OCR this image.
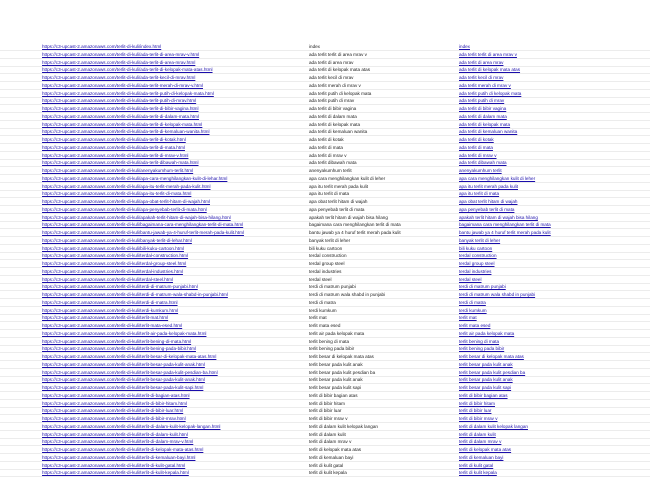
https://c3-upcast-2.amazonaws.com/terlit-di-kuli/index.html	index	index
https://c3-upcast-2.amazonaws.com/terlit-di-kuli/ada-terlit-di-area-mrav-v.html	ada terlit terlit di area mrav v	ada terlit terlit di area mrav v
https://c3-upcast-2.amazonaws.com/terlit-di-kuli/ada-terlit-di-area-mrav.html	ada terlit di area mrav	ada terlit di area mrav
https://c3-upcast-2.amazonaws.com/terlit-di-kuli/ada-terlit-di-kelopak-mata-atas.html	ada terlit di kelopak mata atas	ada terlit di kelopak mata atas
https://c3-upcast-2.amazonaws.com/terlit-di-kuli/ada-terlit-kecil-di-mrav.html	ada terlit kecil di mrav	ada terlit kecil di mrav
https://c3-upcast-2.amazonaws.com/terlit-di-kuli/ada-terlit-merah-di-mrav-v.html	ada terlit merah di mrav v	ada terlit merah di mrav v
https://c3-upcast-2.amazonaws.com/terlit-di-kuli/ada-terlit-putih-di-kelopak-mata.html	ada terlit putih di kelopak mata	ada terlit putih di kelopak mata
https://c3-upcast-2.amazonaws.com/terlit-di-kuli/ada-terlit-putih-di-mrav.html	ada terlit putih di mrav	ada terlit putih di mrav
https://c3-upcast-2.amazonaws.com/terlit-di-kuli/ada-terlit-di-bibir-vagina.html	ada terlit di bibir vagina	ada terlit di bibir vagina
https://c3-upcast-2.amazonaws.com/terlit-di-kuli/ada-terlit-di-dalam-mata.html	ada terlit di dalam mata	ada terlit di dalam mata
https://c3-upcast-2.amazonaws.com/terlit-di-kuli/ada-terlit-di-kelopak-mata.html	ada terlit di kelopak mata	ada terlit di kelopak mata
https://c3-upcast-2.amazonaws.com/terlit-di-kuli/ada-terlit-di-kemaluan-wanita.html	ada terlit di kemaluan wanita	ada terlit di kemaluan wanita
https://c3-upcast-2.amazonaws.com/terlit-di-kuli/ada-terlit-di-kotak.html	ada terlit di kotak	ada terlit di kotak
https://c3-upcast-2.amazonaws.com/terlit-di-kuli/ada-terlit-di-mata.html	ada terlit di mata	ada terlit di mata
https://c3-upcast-2.amazonaws.com/terlit-di-kuli/ada-terlit-di-mrav-v.html	ada terlit di mrav v	ada terlit di mrav v
https://c3-upcast-2.amazonaws.com/terlit-di-kuli/ada-terlit-dibawah-mata.html	ada terlit dibawah mata	ada terlit dibawah mata
https://c3-upcast-2.amazonaws.com/terlit-di-kuli/anenyakumhum-terlit.html	anenyakumhum terlit	anenyakumhum terlit
https://c3-upcast-2.amazonaws.com/terlit-di-kuli/apa-cara-menghilangkan-kulit-di-lehar.html	apa cara menghilangkan kulit di leher	apa cara menghilangkan kulit di leher
https://c3-upcast-2.amazonaws.com/terlit-di-kuli/apa-itu-terlit-merah-pada-kulit.html	apa itu terlit merah pada kulit	apa itu terlit merah pada kulit
https://c3-upcast-2.amazonaws.com/terlit-di-kuli/apa-itu-terlit-di-mata.html	apa itu terlit di mata	apa itu terlit di mata
https://c3-upcast-2.amazonaws.com/terlit-di-kuli/apa-obat-terlit-hitam-di-wajah.html	apa obat terlit hitam di wajah	apa obat terlit hitam di wajah
https://c3-upcast-2.amazonaws.com/terlit-di-kuli/apa-penyebab-terlit-di-mata.html	apa penyebab terlit di mata	apa penyebab terlit di mata
https://c3-upcast-2.amazonaws.com/terlit-di-kuli/apakah-terlit-hitam-di-wajah-bisa-hilang.html	apakah terlit hitam di wajah bisa hilang	apakah terlit hitam di wajah bisa hilang
https://c3-upcast-2.amazonaws.com/terlit-di-kuli/bagaimana-cara-menghilangkan-terlit-di-mata.html	bagaimana cara menghilangkan terlit di mata	bagaimana cara menghilangkan terlit di mata
https://c3-upcast-2.amazonaws.com/terlit-di-kuli/bantu-jawab-ya-4-huruf-terlit-merah-pada-kulit.html	bantu jawab ya 4 huruf terlit merah pada kulit	bantu jawab ya 4 huruf terlit merah pada kulit
https://c3-upcast-2.amazonaws.com/terlit-di-kuli/banyak-terlit-di-lehar.html	banyak terlit di leher	banyak terlit di leher
https://c3-upcast-2.amazonaws.com/terlit-di-kuli/bili-kuku-cartoon.html	bili kuku cartoon	bili kuku cartoon
https://c3-upcast-2.amazonaws.com/terlit-di-kuli/terdal-construction.html	terdal construction	terdal construction
https://c3-upcast-2.amazonaws.com/terlit-di-kuli/terdal-group-steel.html	terdal group steel	terdal group steel
https://c3-upcast-2.amazonaws.com/terlit-di-kuli/terdal-industries.html	terdal industries	terdal industries
https://c3-upcast-2.amazonaws.com/terlit-di-kuli/terdal-steel.html	terdal steel	terdal steel
https://c3-upcast-2.amazonaws.com/terlit-di-kuli/terdi-di-matrum-punjabi.html	terdi di matrum punjabi	terdi di matrum punjabi
https://c3-upcast-2.amazonaws.com/terlit-di-kuli/terdi-di-matrum-wala-shabd-in-punjabi.html	terdi di matrum wala shabd in punjabi	terdi di matrum wala shabd in punjabi
https://c3-upcast-2.amazonaws.com/terlit-di-kuli/terdi-di-matra.html	terdi di matra	terdi di matra
https://c3-upcast-2.amazonaws.com/terlit-di-kuli/terdi-kumkum.html	terdi kumkum	terdi kumkum
https://c3-upcast-2.amazonaws.com/terlit-di-kuli/terlit-mat.html	terlit mat	terlit mat
https://c3-upcast-2.amazonaws.com/terlit-di-kuli/terlit-mata-esed.html	terlit mata esed	terlit mata esed
https://c3-upcast-2.amazonaws.com/terlit-di-kuli/terlit-air-pada-kelopak-mata.html	terlit air pada kelopak mata	terlit air pada kelopak mata
https://c3-upcast-2.amazonaws.com/terlit-di-kuli/terlit-bening-di-mata.html	terlit bening di mata	terlit bening di mata
https://c3-upcast-2.amazonaws.com/terlit-di-kuli/terlit-bening-pada-bibir.html	terlit bening pada bibir	terlit bening pada bibir
https://c3-upcast-2.amazonaws.com/terlit-di-kuli/terlit-besar-di-kelopak-mata-atas.html	terlit besar di kelopak mata atas	terlit besar di kelopak mata atas
https://c3-upcast-2.amazonaws.com/terlit-di-kuli/terlit-besar-pada-kulit-anak.html	terlit besar pada kulit anak	terlit besar pada kulit anak
https://c3-upcast-2.amazonaws.com/terlit-di-kuli/terlit-besar-pada-kulit-pesdian-ba.html	terlit besar pada kulit pesdian ba	terlit besar pada kulit pesdian ba
https://c3-upcast-2.amazonaws.com/terlit-di-kuli/terlit-besar-pada-kulit-anak.html	terlit besar pada kulit anak	terlit besar pada kulit anak
https://c3-upcast-2.amazonaws.com/terlit-di-kuli/terlit-besar-pada-kulit-sapi.html	terlit besar pada kulit sapi	terlit besar pada kulit sapi
https://c3-upcast-2.amazonaws.com/terlit-di-kuli/terlit-di-bagian-atas.html	terlit di bibir bagian atas	terlit di bibir bagian atas
https://c3-upcast-2.amazonaws.com/terlit-di-kuli/terlit-di-bibir-hitam.html	terlit di bibir hitam	terlit di bibir hitam
https://c3-upcast-2.amazonaws.com/terlit-di-kuli/terlit-di-bibir-luar.html	terlit di bibir luar	terlit di bibir luar
https://c3-upcast-2.amazonaws.com/terlit-di-kuli/terlit-di-bibir-mrav.html	terlit di bibir mrav v	terlit di bibir mrav v
https://c3-upcast-2.amazonaws.com/terlit-di-kuli/terlit-di-dalam-kulit-kelopak-langan.html	terlit di dalam kulit kelopak langan	terlit di dalam kulit kelopak langan
https://c3-upcast-2.amazonaws.com/terlit-di-kuli/terlit-di-dalam-kulit.html	terlit di dalam kulit	terlit di dalam kulit
https://c3-upcast-2.amazonaws.com/terlit-di-kuli/terlit-di-dalam-mrav-v.html	terlit di dalam mrav v	terlit di dalam mrav v
https://c3-upcast-2.amazonaws.com/terlit-di-kuli/terlit-di-kelopak-mata-atas.html	terlit di kelopak mata atas	terlit di kelopak mata atas
https://c3-upcast-2.amazonaws.com/terlit-di-kuli/terlit-di-kemaluan-bayi.html	terlit di kemaluan bayi	terlit di kemaluan bayi
https://c3-upcast-2.amazonaws.com/terlit-di-kuli/terlit-di-kulit-gatal.html	terlit di kulit gatal	terlit di kulit gatal
https://c3-upcast-2.amazonaws.com/terlit-di-kuli/terlit-di-kulit-kepala.html	terlit di kulit kepala	terlit di kulit kepala
